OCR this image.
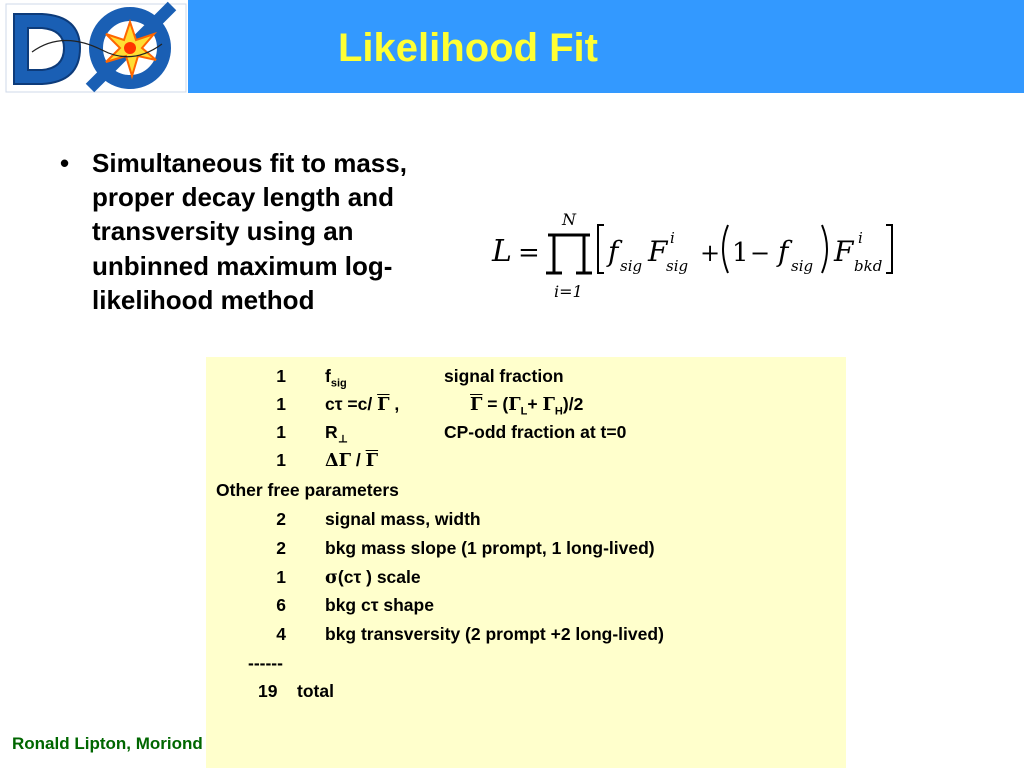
Likelihood Fit
• Simultaneous fit to mass, proper decay length and transversity using an unbinned maximum log-likelihood method
L =
N
i=1
f sig F i
sig + 1 − f sig F i
bkd
1 $f_{sig}$	signal fraction
1 cτ =c/ $\overline{\Gamma}$ ,	$\overline{\Gamma} = (\Gamma_L+ \Gamma_H)/2$
1 $R_\perp$	CP-odd fraction at t=0
1 ΔΓ / $\overline{\Gamma}$
Other free parameters
2 signal mass, width
2 bkg mass slope (1 prompt, 1 long-lived)
1 σ(cτ ) scale
6 bkg cτ shape
4 bkg transversity (2 prompt +2 long-lived)
------
19 total
Ronald Lipton, Moriond
